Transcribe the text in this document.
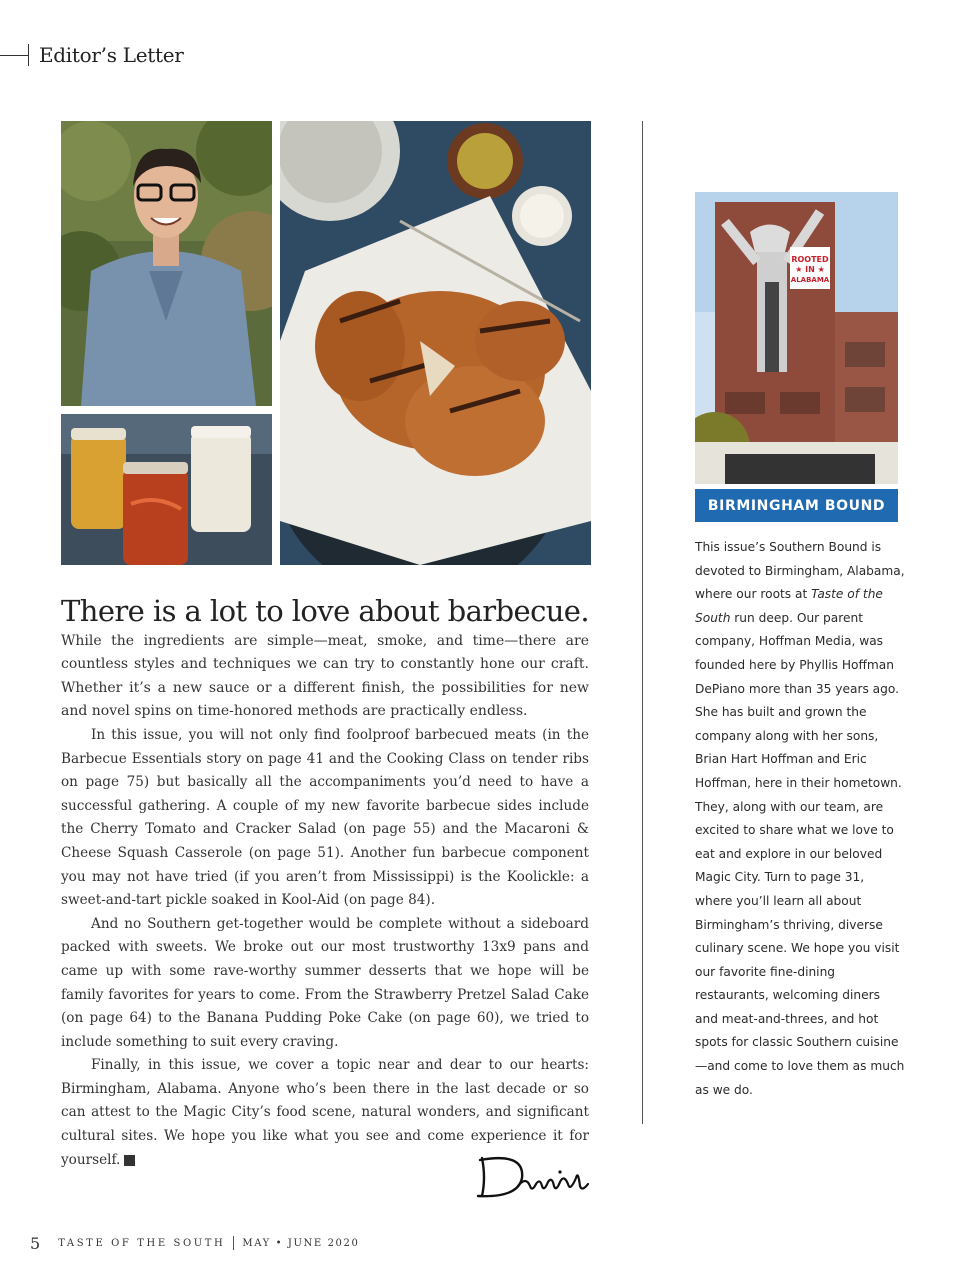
Editor’s Letter

There is a lot to love about barbecue. While the ingredients are simple—meat, smoke, and time—there are countless styles and techniques we can try to constantly hone our craft. Whether it’s a new sauce or a different finish, the possibilities for new and novel spins on time-honored methods are practically endless.

In this issue, you will not only find foolproof barbecued meats (in the Barbecue Essentials story on page 41 and the Cooking Class on tender ribs on page 75) but basically all the accompaniments you’d need to have a successful gathering. A couple of my new favorite barbecue sides include the Cherry Tomato and Cracker Salad (on page 55) and the Macaroni & Cheese Squash Casserole (on page 51). Another fun barbecue component you may not have tried (if you aren’t from Mississippi) is the Koolickle: a sweet-and-tart pickle soaked in Kool-Aid (on page 84).

And no Southern get-together would be complete without a sideboard packed with sweets. We broke out our most trustworthy 13x9 pans and came up with some rave-worthy summer desserts that we hope will be family favorites for years to come. From the Strawberry Pretzel Salad Cake (on page 64) to the Banana Pudding Poke Cake (on page 60), we tried to include something to suit every craving.

Finally, in this issue, we cover a topic near and dear to our hearts: Birmingham, Alabama. Anyone who’s been there in the last decade or so can attest to the Magic City’s food scene, natural wonders, and significant cultural sites. We hope you like what you see and come experience it for yourself.	t

ROOTED
★ IN ★
ALABAMA
BIRMINGHAM BOUND
This issue’s Southern Bound is devoted to Birmingham, Alabama, where our roots at Taste of the South run deep. Our parent company, Hoffman Media, was founded here by Phyllis Hoffman DePiano more than 35 years ago. She has built and grown the company along with her sons, Brian Hart Hoffman and Eric Hoffman, here in their hometown. They, along with our team, are excited to share what we love to eat and explore in our beloved Magic City. Turn to page 31, where you’ll learn all about Birmingham’s thriving, diverse culinary scene. We hope you visit our favorite fine-dining restaurants, welcoming diners and meat-and-threes, and hot spots for classic Southern cuisine—and come to love them as much as we do.
5 TASTE OF THE SOUTH MAY • JUNE 2020
